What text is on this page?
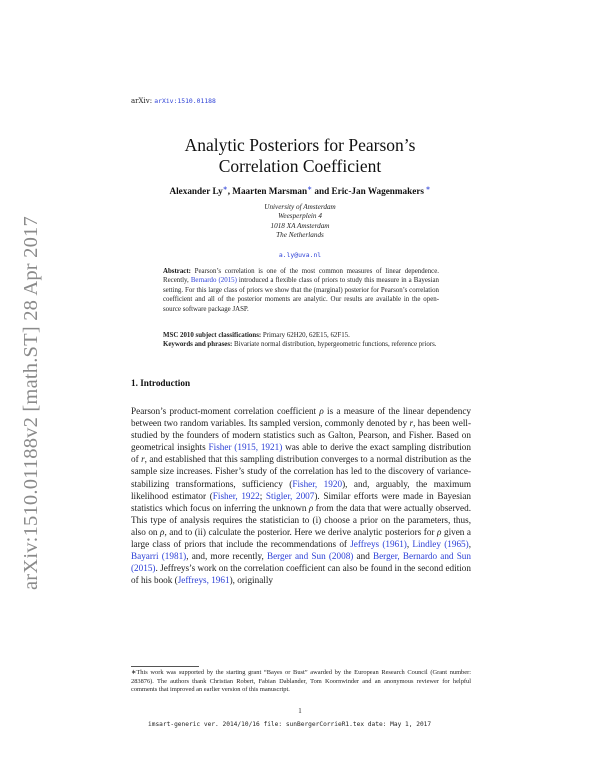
arXiv:1510.01188v2 [math.ST] 28 Apr 2017
arXiv: arXiv:1510.01188
Analytic Posteriors for Pearson’s
Correlation Coefficient
Alexander Ly∗, Maarten Marsman∗ and Eric-Jan Wagenmakers ∗
University of Amsterdam
Weesperplein 4
1018 XA Amsterdam
The Netherlands
a.ly@uva.nl
Abstract: Pearson’s correlation is one of the most common measures of linear dependence. Recently, Bernardo (2015) introduced a flexible class of priors to study this measure in a Bayesian setting. For this large class of priors we show that the (marginal) posterior for Pearson’s correlation coefficient and all of the posterior moments are analytic. Our results are available in the open-source software package JASP.
MSC 2010 subject classifications: Primary 62H20, 62E15, 62F15.
Keywords and phrases: Bivariate normal distribution, hypergeometric functions, reference priors.
1. Introduction
Pearson’s product-moment correlation coefficient ρ is a measure of the linear dependency between two random variables. Its sampled version, commonly denoted by r, has been well-studied by the founders of modern statistics such as Galton, Pearson, and Fisher. Based on geometrical insights Fisher (1915, 1921) was able to derive the exact sampling distribution of r, and established that this sampling distribution converges to a normal distribution as the sample size increases. Fisher’s study of the correlation has led to the discovery of variance-stabilizing transformations, sufficiency (Fisher, 1920), and, arguably, the maximum likelihood estimator (Fisher, 1922; Stigler, 2007). Similar efforts were made in Bayesian statistics which focus on inferring the unknown ρ from the data that were actually observed. This type of analysis requires the statistician to (i) choose a prior on the parameters, thus, also on ρ, and to (ii) calculate the posterior. Here we derive analytic posteriors for ρ given a large class of priors that include the recommendations of Jeffreys (1961), Lindley (1965), Bayarri (1981), and, more recently, Berger and Sun (2008) and Berger, Bernardo and Sun (2015). Jeffreys’s work on the correlation coefficient can also be found in the second edition of his book (Jeffreys, 1961), originally
∗This work was supported by the starting grant “Bayes or Bust” awarded by the European Research Council (Grant number: 283876). The authors thank Christian Robert, Fabian Dablander, Tom Koornwinder and an anonymous reviewer for helpful comments that improved an earlier version of this manuscript.
1
imsart-generic ver. 2014/10/16 file: sunBergerCorrieR1.tex date: May 1, 2017
